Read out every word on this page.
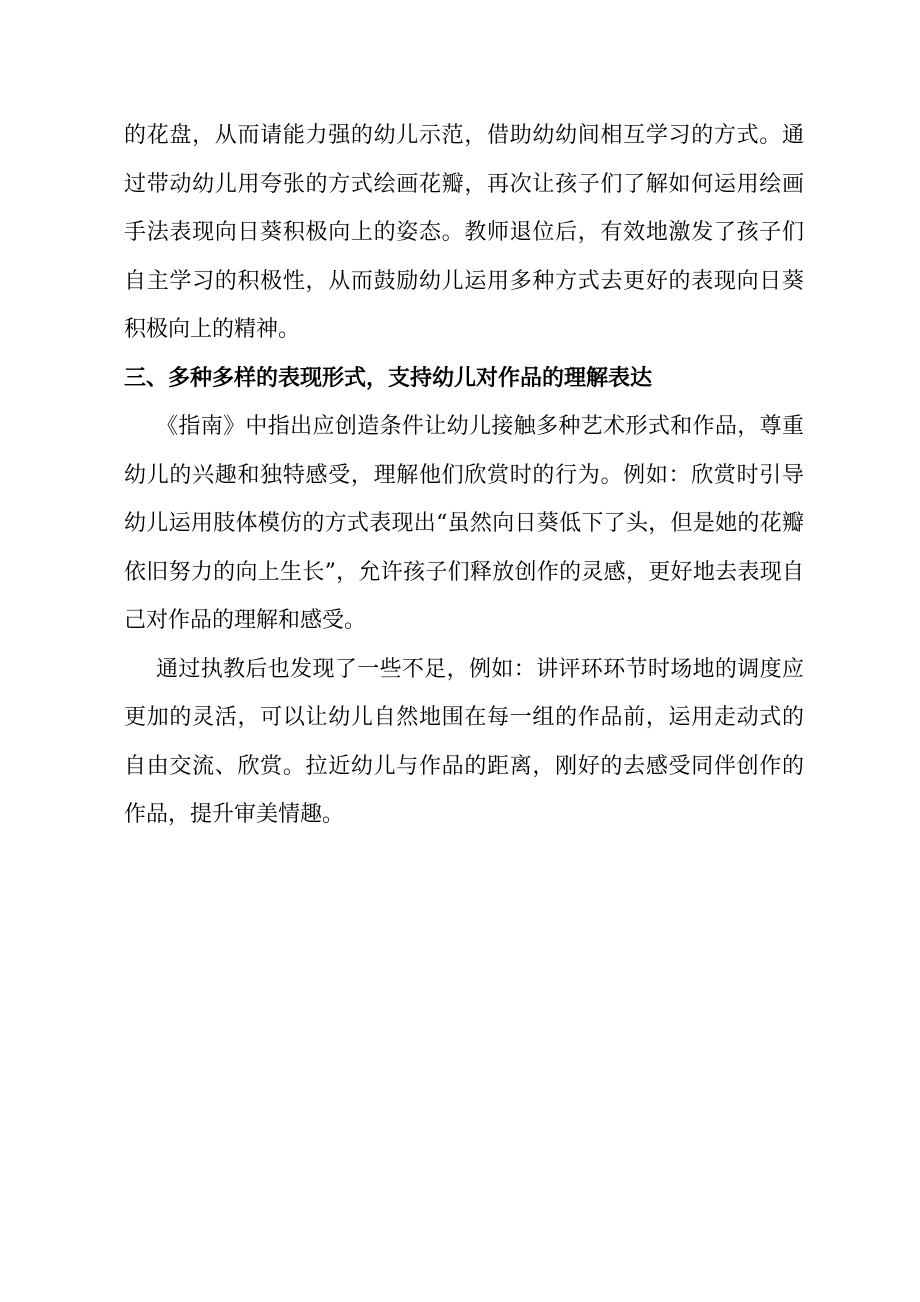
的花盘，从而请能力强的幼儿示范，借助幼幼间相互学习的方式。通过带动幼儿用夸张的方式绘画花瓣，再次让孩子们了解如何运用绘画手法表现向日葵积极向上的姿态。教师退位后，有效地激发了孩子们自主学习的积极性，从而鼓励幼儿运用多种方式去更好的表现向日葵积极向上的精神。

三、多种多样的表现形式，支持幼儿对作品的理解表达

《指南》中指出应创造条件让幼儿接触多种艺术形式和作品，尊重幼儿的兴趣和独特感受，理解他们欣赏时的行为。例如：欣赏时引导幼儿运用肢体模仿的方式表现出“虽然向日葵低下了头，但是她的花瓣依旧努力的向上生长”，允许孩子们释放创作的灵感，更好地去表现自己对作品的理解和感受。

通过执教后也发现了一些不足，例如：讲评环环节时场地的调度应更加的灵活，可以让幼儿自然地围在每一组的作品前，运用走动式的自由交流、欣赏。拉近幼儿与作品的距离，刚好的去感受同伴创作的作品，提升审美情趣。
